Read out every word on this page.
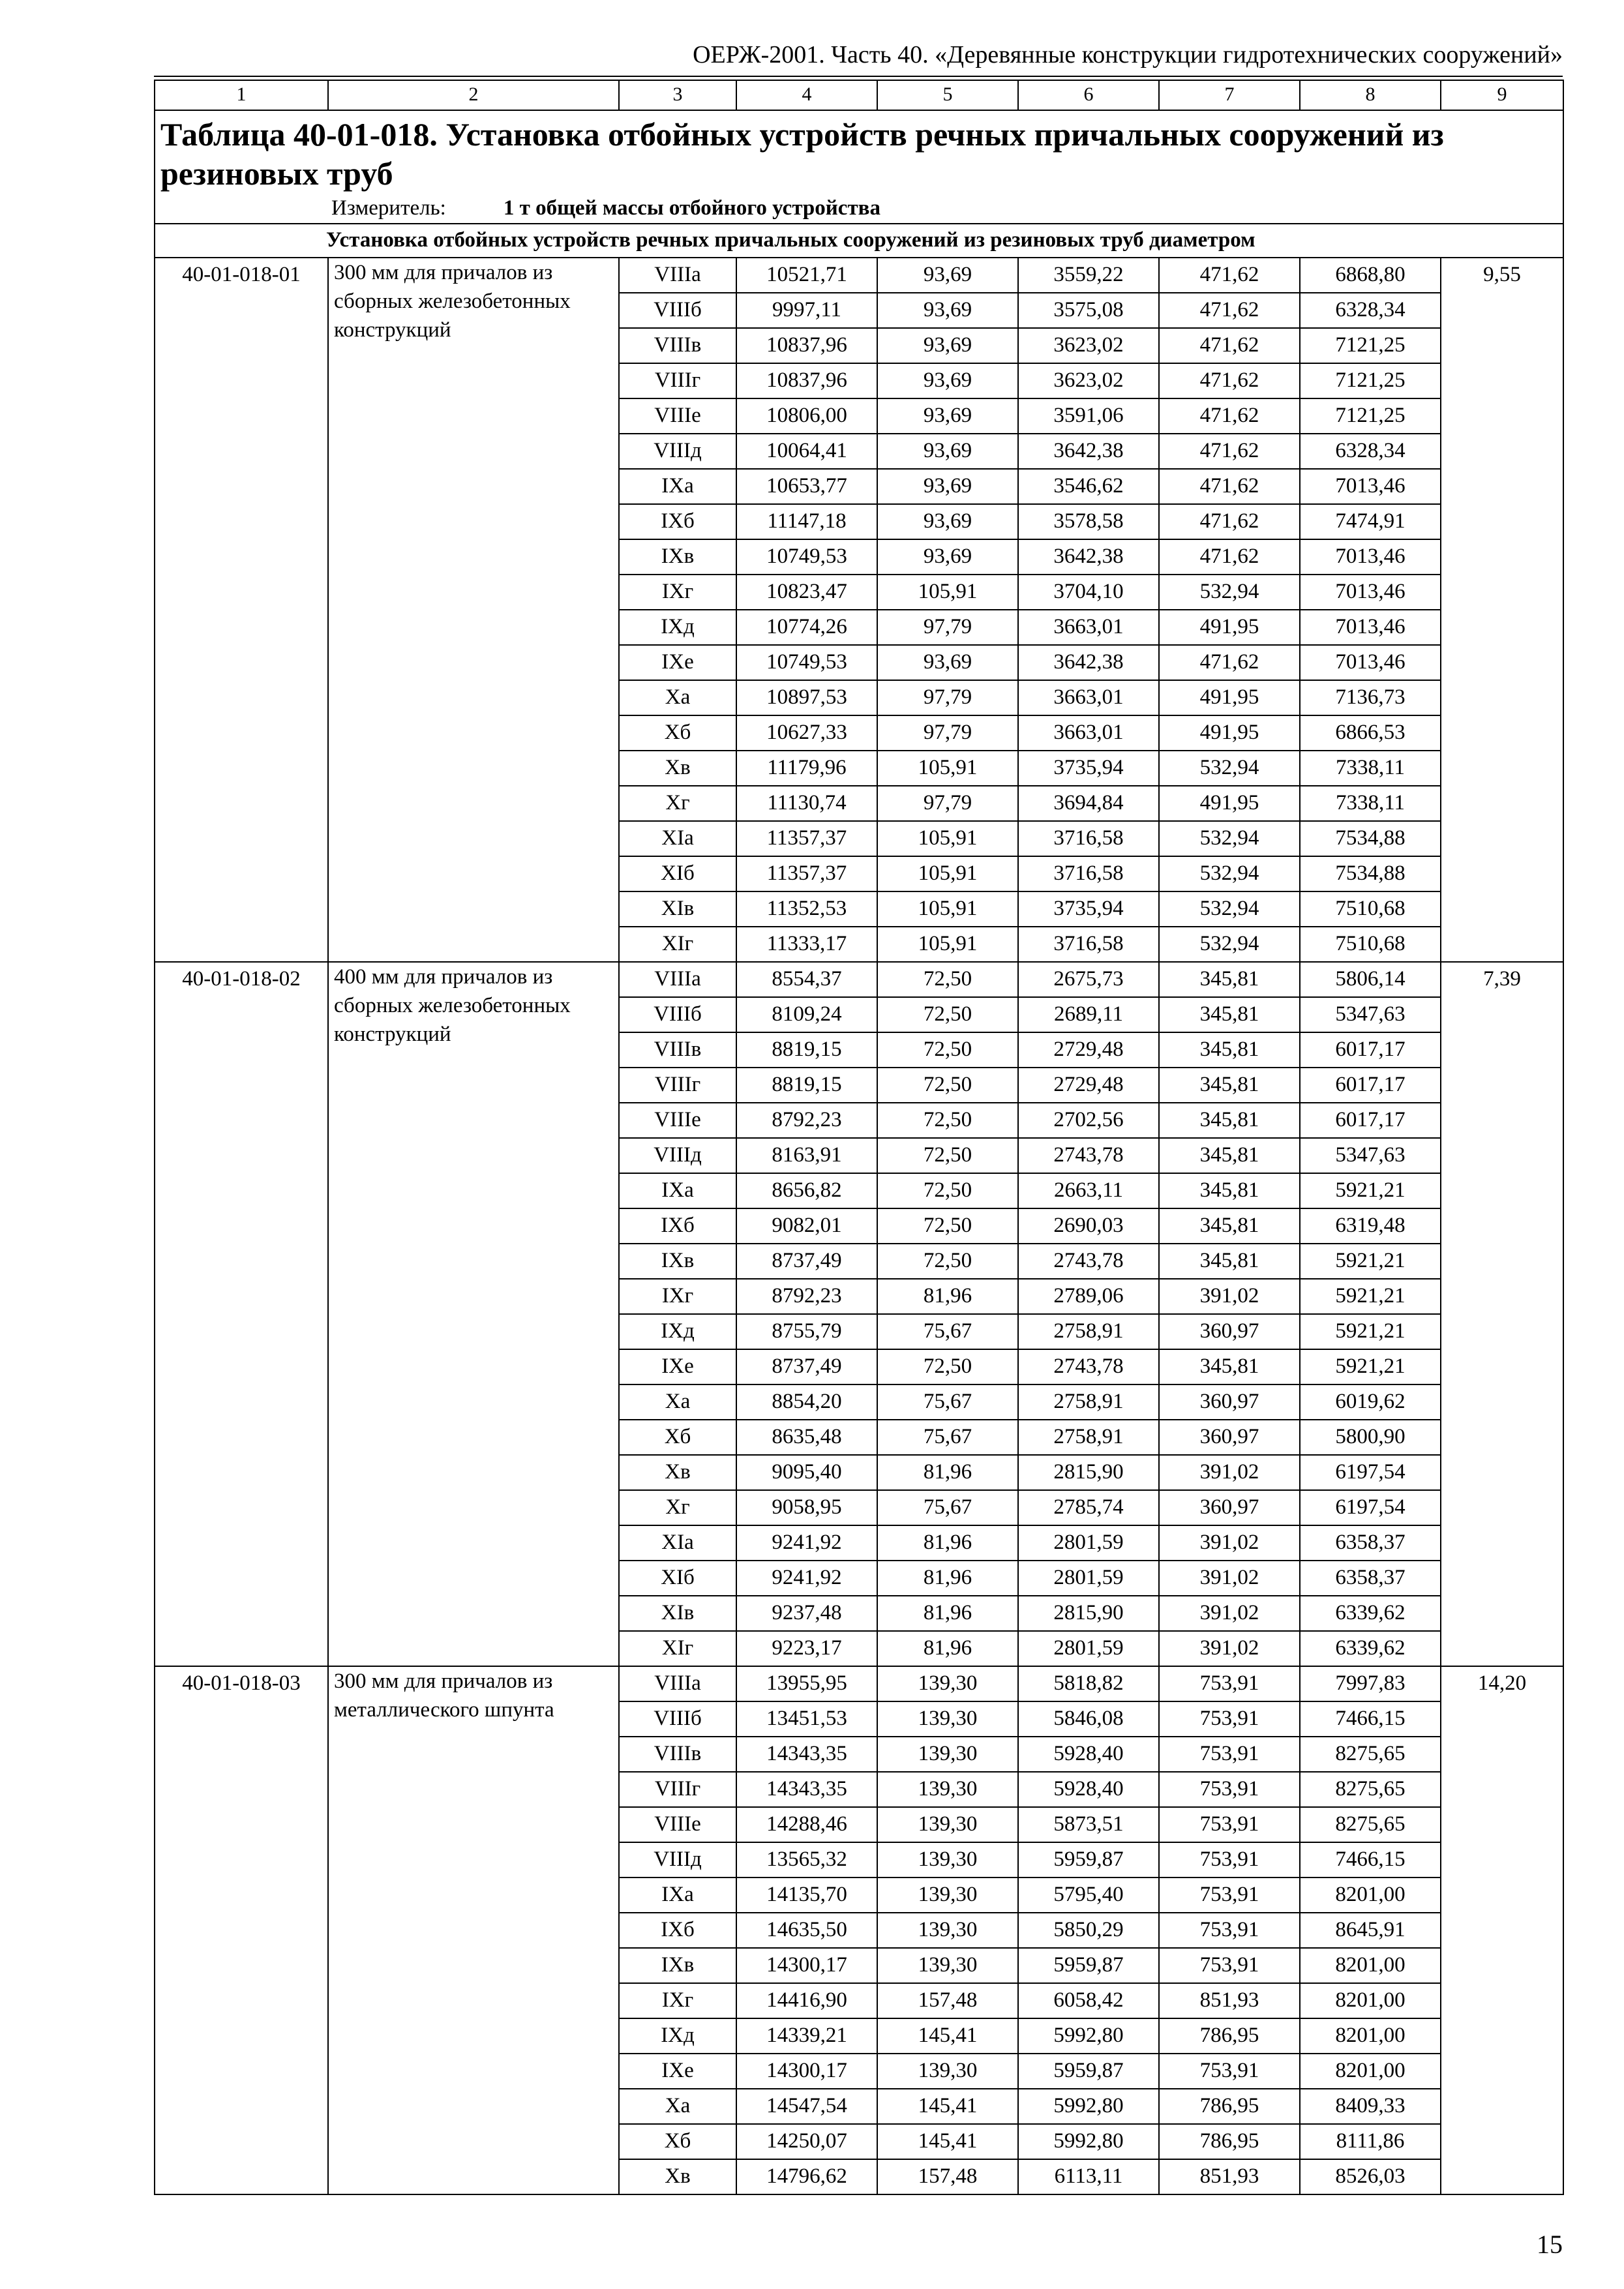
ОЕРЖ-2001. Часть 40. «Деревянные конструкции гидротехнических сооружений»
1	2	3	4	5	6	7	8	9

Таблица 40-01-018. Установка отбойных устройств речных причальных сооружений из резиновых труб
Измеритель: 1 т общей массы отбойного устройства								

Установка отбойных устройств речных причальных сооружений из резиновых труб диаметром								
40-01-018-01	300 мм для причалов из сборных железобетонных конструкций	VIIIа	10521,71	93,69	3559,22	471,62	6868,80	9,55
		VIIIб	9997,11	93,69	3575,08	471,62	6328,34	
		VIIIв	10837,96	93,69	3623,02	471,62	7121,25	
		VIIIг	10837,96	93,69	3623,02	471,62	7121,25	
		VIIIе	10806,00	93,69	3591,06	471,62	7121,25	
		VIIIд	10064,41	93,69	3642,38	471,62	6328,34	
		IXа	10653,77	93,69	3546,62	471,62	7013,46	
		IXб	11147,18	93,69	3578,58	471,62	7474,91	
		IXв	10749,53	93,69	3642,38	471,62	7013,46	
		IXг	10823,47	105,91	3704,10	532,94	7013,46	
		IXд	10774,26	97,79	3663,01	491,95	7013,46	
		IXе	10749,53	93,69	3642,38	471,62	7013,46	
		Xа	10897,53	97,79	3663,01	491,95	7136,73	
		Xб	10627,33	97,79	3663,01	491,95	6866,53	
		Xв	11179,96	105,91	3735,94	532,94	7338,11	
		Xг	11130,74	97,79	3694,84	491,95	7338,11	
		XIа	11357,37	105,91	3716,58	532,94	7534,88	
		XIб	11357,37	105,91	3716,58	532,94	7534,88	
		XIв	11352,53	105,91	3735,94	532,94	7510,68	
		XIг	11333,17	105,91	3716,58	532,94	7510,68	
40-01-018-02	400 мм для причалов из сборных железобетонных конструкций	VIIIа	8554,37	72,50	2675,73	345,81	5806,14	7,39
		VIIIб	8109,24	72,50	2689,11	345,81	5347,63	
		VIIIв	8819,15	72,50	2729,48	345,81	6017,17	
		VIIIг	8819,15	72,50	2729,48	345,81	6017,17	
		VIIIе	8792,23	72,50	2702,56	345,81	6017,17	
		VIIIд	8163,91	72,50	2743,78	345,81	5347,63	
		IXа	8656,82	72,50	2663,11	345,81	5921,21	
		IXб	9082,01	72,50	2690,03	345,81	6319,48	
		IXв	8737,49	72,50	2743,78	345,81	5921,21	
		IXг	8792,23	81,96	2789,06	391,02	5921,21	
		IXд	8755,79	75,67	2758,91	360,97	5921,21	
		IXе	8737,49	72,50	2743,78	345,81	5921,21	
		Xа	8854,20	75,67	2758,91	360,97	6019,62	
		Xб	8635,48	75,67	2758,91	360,97	5800,90	
		Xв	9095,40	81,96	2815,90	391,02	6197,54	
		Xг	9058,95	75,67	2785,74	360,97	6197,54	
		XIа	9241,92	81,96	2801,59	391,02	6358,37	
		XIб	9241,92	81,96	2801,59	391,02	6358,37	
		XIв	9237,48	81,96	2815,90	391,02	6339,62	
		XIг	9223,17	81,96	2801,59	391,02	6339,62	
40-01-018-03	300 мм для причалов из металлического шпунта	VIIIа	13955,95	139,30	5818,82	753,91	7997,83	14,20
		VIIIб	13451,53	139,30	5846,08	753,91	7466,15	
		VIIIв	14343,35	139,30	5928,40	753,91	8275,65	
		VIIIг	14343,35	139,30	5928,40	753,91	8275,65	
		VIIIе	14288,46	139,30	5873,51	753,91	8275,65	
		VIIIд	13565,32	139,30	5959,87	753,91	7466,15	
		IXа	14135,70	139,30	5795,40	753,91	8201,00	
		IXб	14635,50	139,30	5850,29	753,91	8645,91	
		IXв	14300,17	139,30	5959,87	753,91	8201,00	
		IXг	14416,90	157,48	6058,42	851,93	8201,00	
		IXд	14339,21	145,41	5992,80	786,95	8201,00	
		IXе	14300,17	139,30	5959,87	753,91	8201,00	
		Xа	14547,54	145,41	5992,80	786,95	8409,33	
		Xб	14250,07	145,41	5992,80	786,95	8111,86	
		Xв	14796,62	157,48	6113,11	851,93	8526,03	
15
